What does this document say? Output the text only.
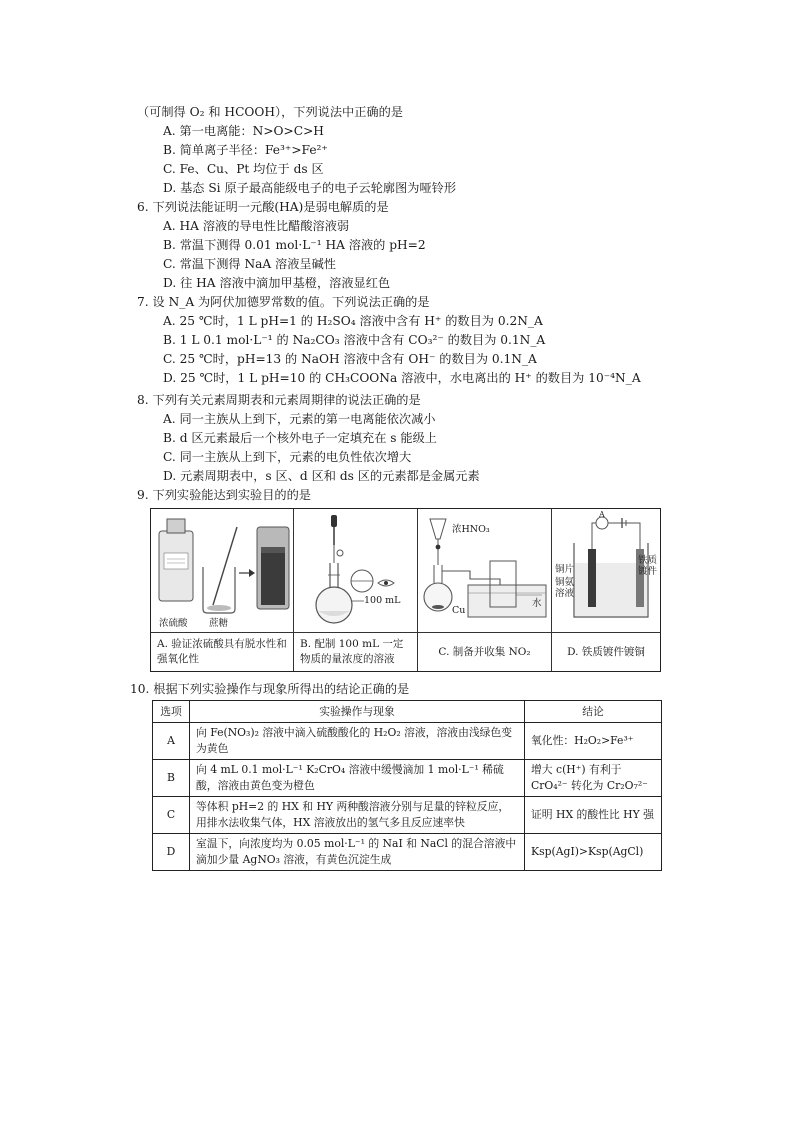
（可制得 O₂ 和 HCOOH），下列说法中正确的是
A. 第一电离能：N>O>C>H
B. 简单离子半径：Fe³⁺>Fe²⁺
C. Fe、Cu、Pt 均位于 ds 区
D. 基态 Si 原子最高能级电子的电子云轮廓图为哑铃形
6. 下列说法能证明一元酸(HA)是弱电解质的是
A. HA 溶液的导电性比醋酸溶液弱
B. 常温下测得 0.01 mol·L⁻¹ HA 溶液的 pH=2
C. 常温下测得 NaA 溶液呈碱性
D. 往 HA 溶液中滴加甲基橙，溶液显红色
7. 设 N_A 为阿伏加德罗常数的值。下列说法正确的是
A. 25 ℃时，1 L pH=1 的 H₂SO₄ 溶液中含有 H⁺ 的数目为 0.2N_A
B. 1 L 0.1 mol·L⁻¹ 的 Na₂CO₃ 溶液中含有 CO₃²⁻ 的数目为 0.1N_A
C. 25 ℃时，pH=13 的 NaOH 溶液中含有 OH⁻ 的数目为 0.1N_A
D. 25 ℃时，1 L pH=10 的 CH₃COONa 溶液中，水电离出的 H⁺ 的数目为 10⁻⁴N_A
8. 下列有关元素周期表和元素周期律的说法正确的是
A. 同一主族从上到下，元素的第一电离能依次减小
B. d 区元素最后一个核外电子一定填充在 s 能级上
C. 同一主族从上到下，元素的电负性依次增大
D. 元素周期表中，s 区、d 区和 ds 区的元素都是金属元素
9. 下列实验能达到实验目的的是
浓硫酸 蔗糖
A. 验证浓硫酸具有脱水性和强氧化性
100 mL
B. 配制 100 mL 一定物质的量浓度的溶液
浓HNO₃
Cu
水
C. 制备并收集 NO₂
铜片
铜氨溶液
铁质镀件
A
D. 铁质镀件镀铜
10. 根据下列实验操作与现象所得出的结论正确的是
选项	实验操作与现象	结论
A	向 Fe(NO₃)₂ 溶液中滴入硫酸酸化的 H₂O₂ 溶液，溶液由浅绿色变为黄色	氧化性：H₂O₂>Fe³⁺
B	向 4 mL 0.1 mol·L⁻¹ K₂CrO₄ 溶液中缓慢滴加 1 mol·L⁻¹ 稀硫酸，溶液由黄色变为橙色	增大 c(H⁺) 有利于 CrO₄²⁻ 转化为 Cr₂O₇²⁻
C	等体积 pH=2 的 HX 和 HY 两种酸溶液分别与足量的锌粒反应，用排水法收集气体，HX 溶液放出的氢气多且反应速率快	证明 HX 的酸性比 HY 强
D	室温下，向浓度均为 0.05 mol·L⁻¹ 的 NaI 和 NaCl 的混合溶液中滴加少量 AgNO₃ 溶液，有黄色沉淀生成	Ksp(AgI)>Ksp(AgCl)
